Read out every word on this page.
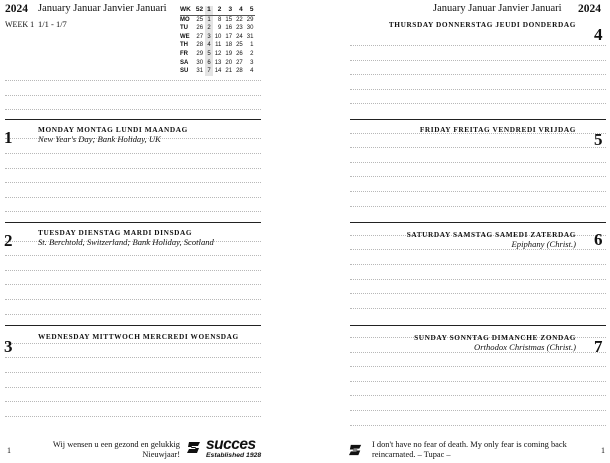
2024 January Januar Janvier Januari
WEEK 1 1/1 - 1/7
WK	52	1	2	3	4	5
MO	25	1	8	15	22	29
TU	26	2	9	16	23	30
WE	27	3	10	17	24	31
TH	28	4	11	18	25	1
FR	29	5	12	19	26	2
SA	30	6	13	20	27	3
SU	31	7	14	21	28	4
1	MONDAY MONTAG LUNDI MAANDAG
New Year's Day; Bank Holiday, UK
2	TUESDAY DIENSTAG MARDI DINSDAG
St. Berchtold, Switzerland; Bank Holiday, Scotland
3
WEDNESDAY MITTWOCH MERCREDI WOENSDAG
1
Wij wensen u een gezond en gelukkig Nieuwjaar!
succes
Established 1928
January Januar Janvier Januari 2024
THURSDAY DONNERSTAG JEUDI DONDERDAG
4
FRIDAY FREITAG VENDREDI VRIJDAG
5
SATURDAY SAMSTAG SAMEDI ZATERDAG
Epiphany (Christ.) 6
SUNDAY SONNTAG DIMANCHE ZONDAG
Orthodox Christmas (Christ.) 7
I don't have no fear of death. My only fear is coming back reincarnated. – Tupac –	1
